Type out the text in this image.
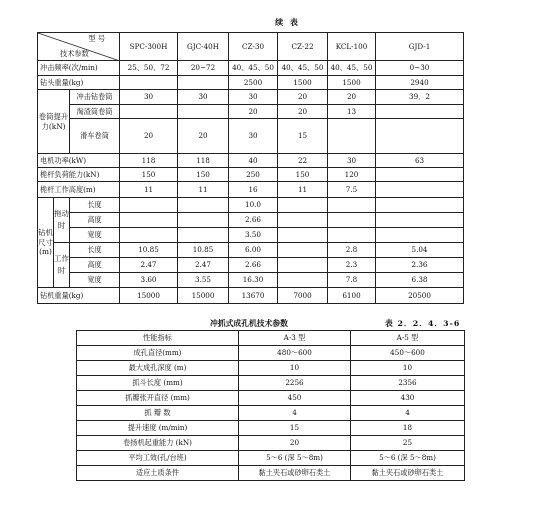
续 表
型 号
技术参数			SPC-300H	GJC-40H	CZ-30	CZ-22	KCL-100	GJD-1
冲击频率(次/min)			25、50、72	20~72	40、45、50	40、45、50	40、45、50	0~30
钻头重量(kg)					2500	1500	1500	2940
卷筒提升力(kN)		冲击钻卷筒	30	30	30	20	20	39．2
		淘渣筒卷筒			20	20	13	
		滑车卷筒	20	20	30	15		
电机功率(kW)			118	118	40	22	30	63
桅杆负荷能力(kN)			150	150	250	150	120	
桅杆工作高度(m)			11	11	16	11	7.5	
钻机尺寸(m)	拖动时	长度			10.0			
		高度			2.66			
		宽度			3.50			
	工作时	长度	10.85	10.85	6.00		2.8	5.04
		高度	2.47	2.47	2.66		2.3	2.36
		宽度	3.60	3.55	16.30		7.8	6.38
钻机重量(kg)			15000	15000	13670	7000	6100	20500
冲抓式成孔机技术参数	表 2．2．4．3-6
性能指标	A-3 型	A-5 型
成孔直径(mm)	480～600	450～600
最大成孔深度 (m)	10	10
抓斗长度 (mm)	2256	2356
抓瓣张开直径 (mm)	450	430
抓 瓣 数	4	4
提升速度 (m/min)	15	18
卷扬机起重能力 (kN)	20	25
平均工效(孔/台班)	5～6 (深 5～8m)	5～6 (深 5～8m)
适应土质条件	黏土夹石或砂卵石类土	黏土夹石或砂卵石类土
